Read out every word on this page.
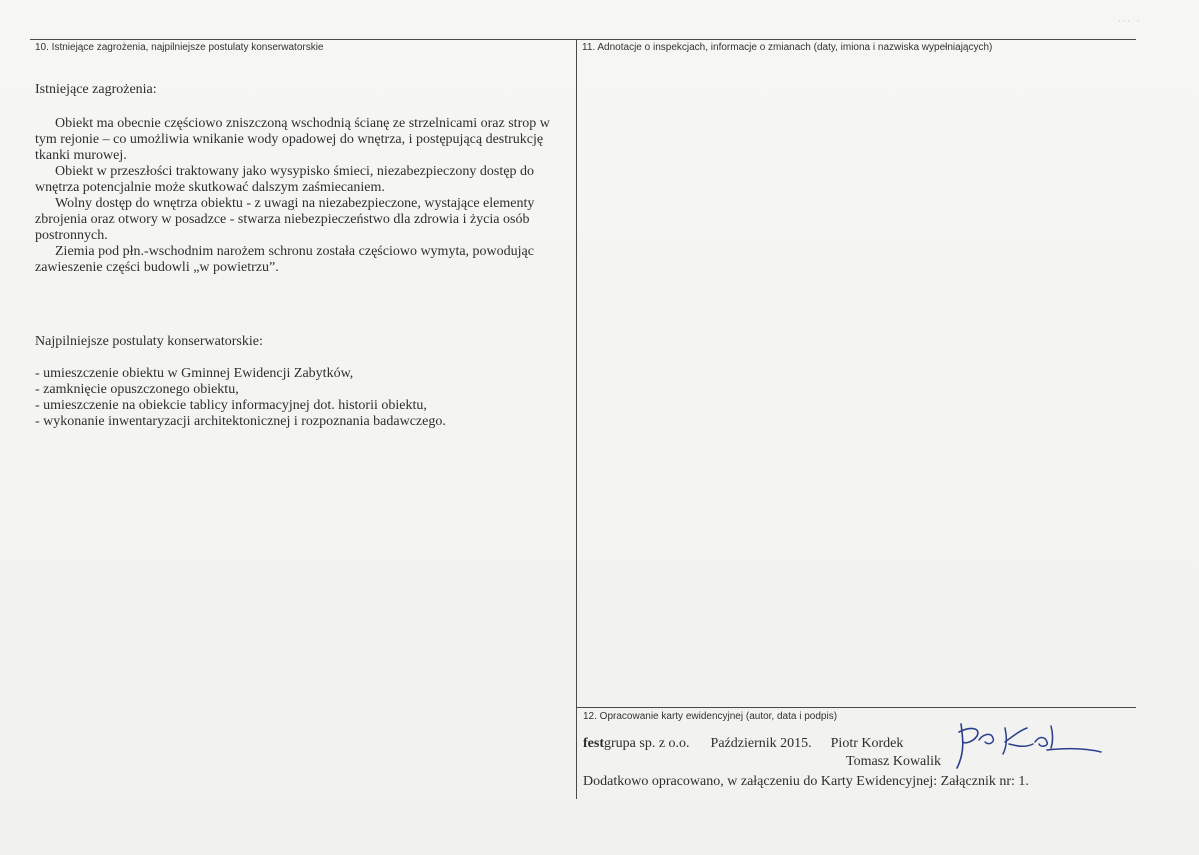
·∙· ·
10. Istniejące zagrożenia, najpilniejsze postulaty konserwatorskie

Istniejące zagrożenia:

Obiekt ma obecnie częściowo zniszczoną wschodnią ścianę ze strzelnicami oraz strop w tym rejonie – co umożliwia wnikanie wody opadowej do wnętrza, i postępującą destrukcję tkanki murowej.

Obiekt w przeszłości traktowany jako wysypisko śmieci, niezabezpieczony dostęp do wnętrza potencjalnie może skutkować dalszym zaśmiecaniem.

Wolny dostęp do wnętrza obiektu - z uwagi na niezabezpieczone, wystające elementy zbrojenia oraz otwory w posadzce - stwarza niebezpieczeństwo dla zdrowia i życia osób postronnych.

Ziemia pod płn.-wschodnim narożem schronu została częściowo wymyta, powodując zawieszenie części budowli „w powietrzu”.

Najpilniejsze postulaty konserwatorskie:

- umieszczenie obiektu w Gminnej Ewidencji Zabytków,
- zamknięcie opuszczonego obiektu,
- umieszczenie na obiekcie tablicy informacyjnej dot. historii obiektu,
- wykonanie inwentaryzacji architektonicznej i rozpoznania badawczego.
11. Adnotacje o inspekcjach, informacje o zmianach (daty, imiona i nazwiska wypełniających)
12. Opracowanie karty ewidencyjnej (autor, data i podpis)
festgrupa sp. z o.o. Październik 2015. Piotr Kordek
Tomasz Kowalik
Dodatkowo opracowano, w załączeniu do Karty Ewidencyjnej: Załącznik nr: 1.
